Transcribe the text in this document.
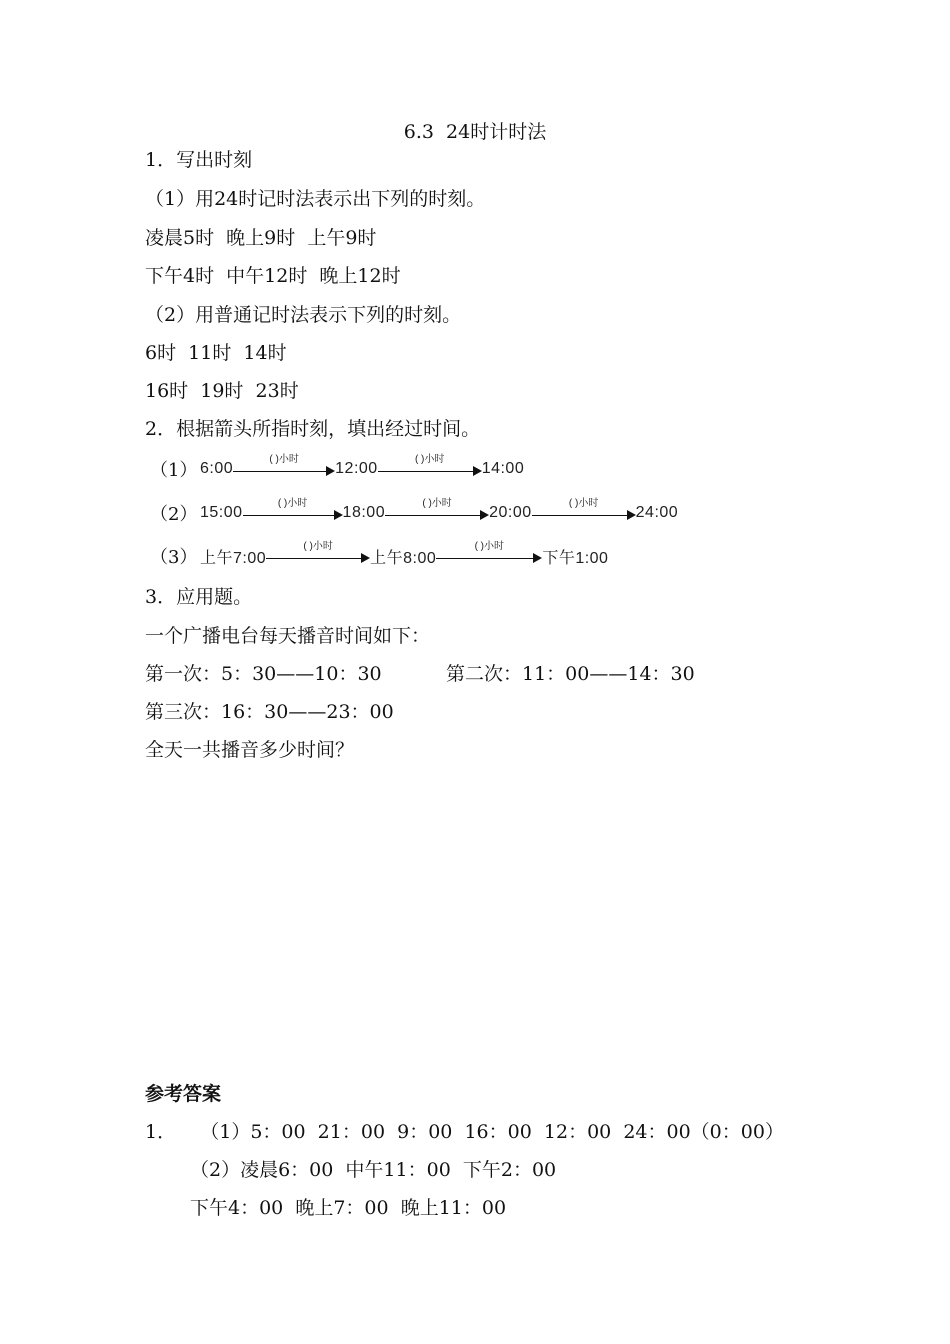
6.3  24时计时法
1．写出时刻
（1）用24时记时法表示出下列的时刻。
凌晨5时  晚上9时  上午9时
下午4时  中午12时  晚上12时
（2）用普通记时法表示下列的时刻。
6时  11时  14时
16时  19时  23时
2．根据箭头所指时刻，填出经过时间。
（1） 6:00
( )小时
12:00
( )小时
14:00
（2） 15:00
( )小时
18:00
( )小时
20:00
( )小时
24:00
（3） 上午7:00
( )小时
上午8:00
( )小时
下午1:00
3．应用题。
一个广播电台每天播音时间如下：
第一次：5：30——10：30	第二次：11：00——14：30
第三次：16：30——23：00
全天一共播音多少时间？
参考答案
1．    （1）5：00  21：00  9：00  16：00  12：00  24：00（0：00）
（2）凌晨6：00  中午11：00  下午2：00
下午4：00  晚上7：00  晚上11：00
